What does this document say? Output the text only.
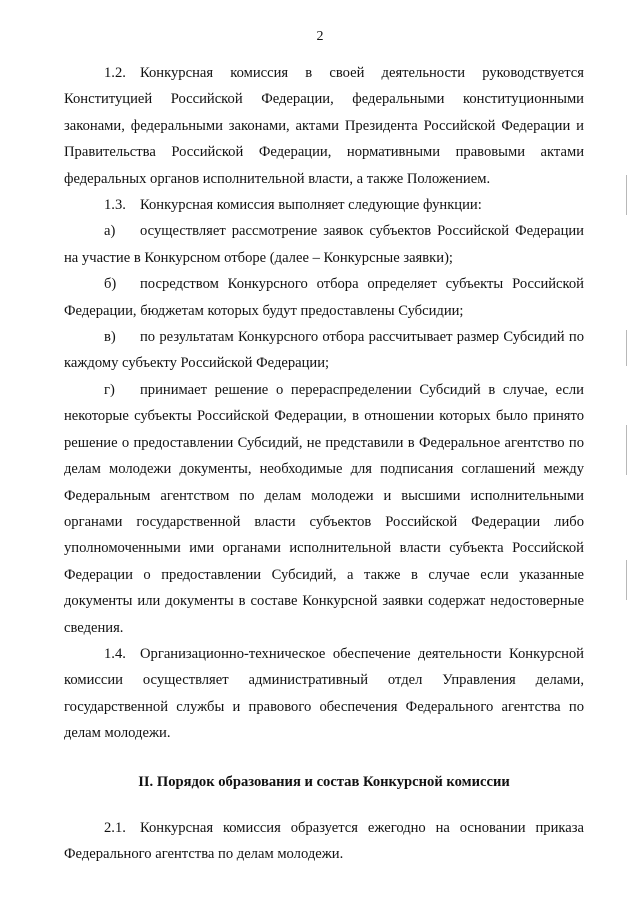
2

1.2. Конкурсная комиссия в своей деятельности руководствуется Конституцией Российской Федерации, федеральными конституционными законами, федеральными законами, актами Президента Российской Федерации и Правительства Российской Федерации, нормативными правовыми актами федеральных органов исполнительной власти, а также Положением.

1.3. Конкурсная комиссия выполняет следующие функции:

а) осуществляет рассмотрение заявок субъектов Российской Федерации на участие в Конкурсном отборе (далее – Конкурсные заявки);

б) посредством Конкурсного отбора определяет субъекты Российской Федерации, бюджетам которых будут предоставлены Субсидии;

в) по результатам Конкурсного отбора рассчитывает размер Субсидий по каждому субъекту Российской Федерации;

г) принимает решение о перераспределении Субсидий в случае, если некоторые субъекты Российской Федерации, в отношении которых было принято решение о предоставлении Субсидий, не представили в Федеральное агентство по делам молодежи документы, необходимые для подписания соглашений между Федеральным агентством по делам молодежи и высшими исполнительными органами государственной власти субъектов Российской Федерации либо уполномоченными ими органами исполнительной власти субъекта Российской Федерации о предоставлении Субсидий, а также в случае если указанные документы или документы в составе Конкурсной заявки содержат недостоверные сведения.

1.4. Организационно-техническое обеспечение деятельности Конкурсной комиссии осуществляет административный отдел Управления делами, государственной службы и правового обеспечения Федерального агентства по делам молодежи.

II. Порядок образования и состав Конкурсной комиссии

2.1. Конкурсная комиссия образуется ежегодно на основании приказа Федерального агентства по делам молодежи.
